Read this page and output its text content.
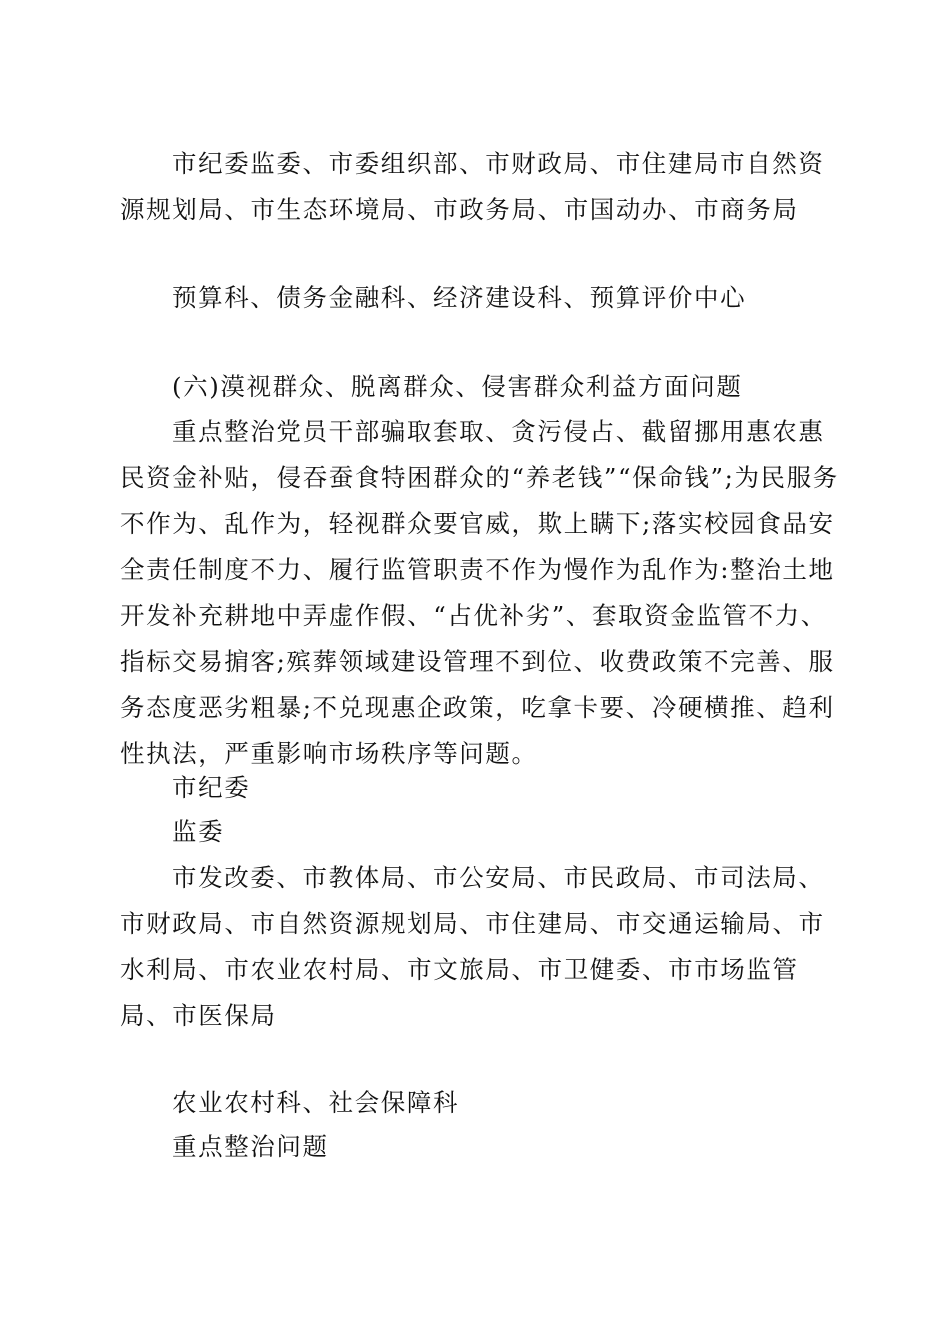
市纪委监委、市委组织部、市财政局、市住建局市自然资源规划局、市生态环境局、市政务局、市国动办、市商务局

预算科、债务金融科、经济建设科、预算评价中心

(六)漠视群众、脱离群众、侵害群众利益方面问题

重点整治党员干部骗取套取、贪污侵占、截留挪用惠农惠民资金补贴，侵吞蚕食特困群众的“养老钱”“保命钱”;为民服务不作为、乱作为，轻视群众要官威，欺上瞒下;落实校园食品安全责任制度不力、履行监管职责不作为慢作为乱作为:整治土地开发补充耕地中弄虚作假、“占优补劣”、套取资金监管不力、指标交易掮客;殡葬领域建设管理不到位、收费政策不完善、服务态度恶劣粗暴;不兑现惠企政策，吃拿卡要、冷硬横推、趋利性执法，严重影响市场秩序等问题。

市纪委

监委

市发改委、市教体局、市公安局、市民政局、市司法局、市财政局、市自然资源规划局、市住建局、市交通运输局、市水利局、市农业农村局、市文旅局、市卫健委、市市场监管局、市医保局

农业农村科、社会保障科

重点整治问题
